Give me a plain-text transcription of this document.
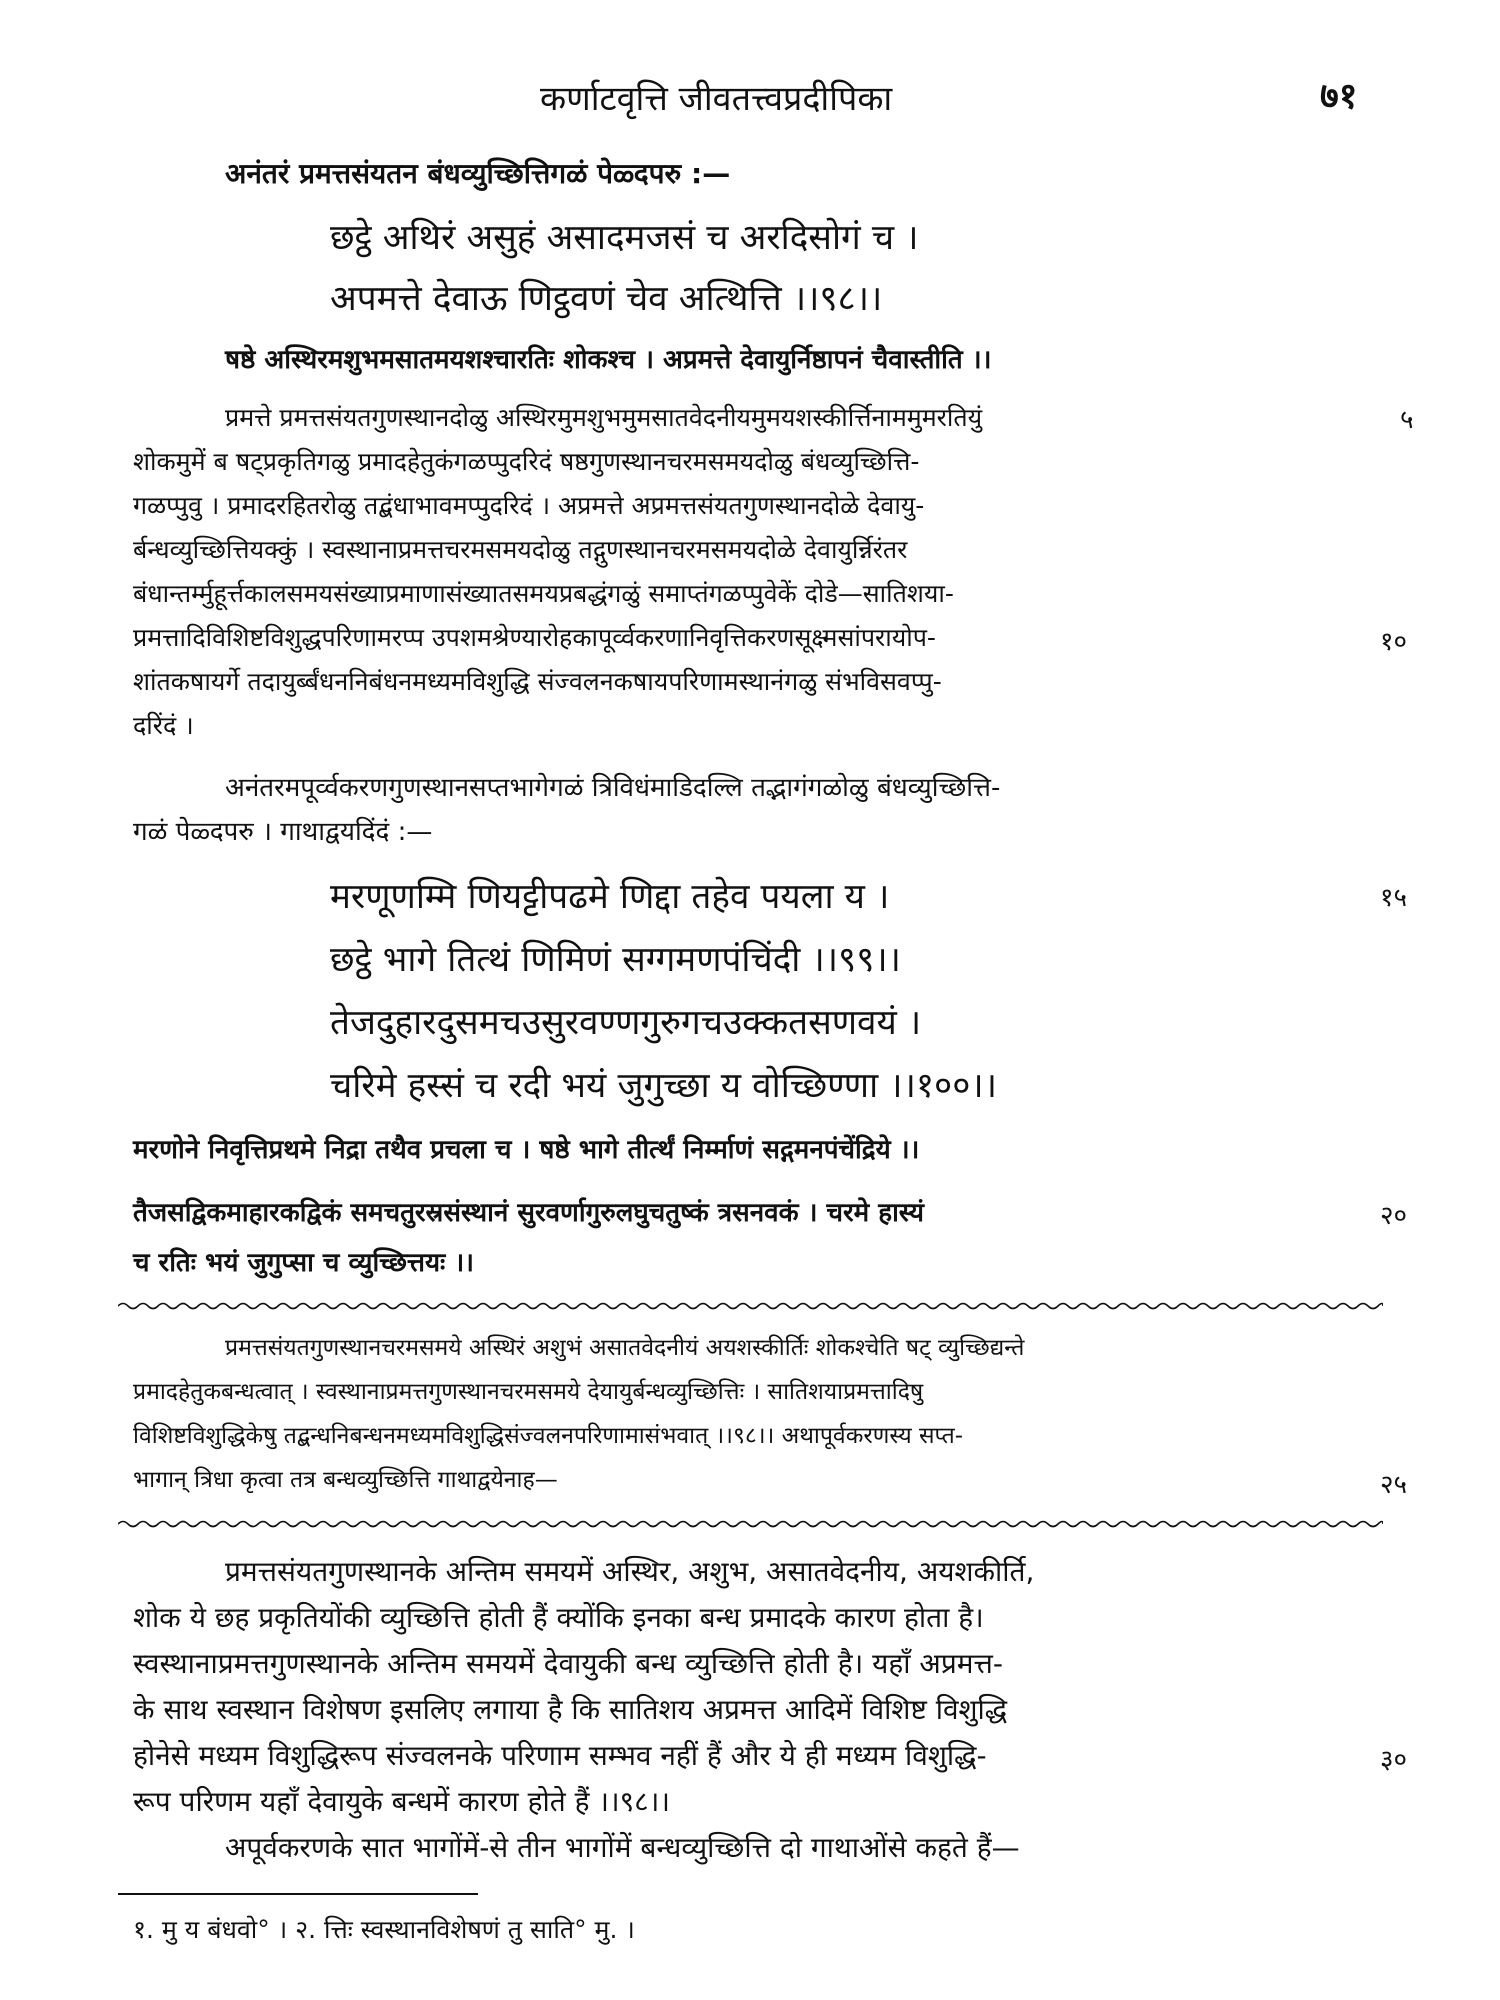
कर्णाटवृत्ति जीवतत्त्वप्रदीपिका	७१
अनंतरं प्रमत्तसंयतन बंधव्युच्छित्तिगळं पेळ्दपरु :—
छट्ठे अथिरं असुहं असादमजसं च अरदिसोगं च ।
अपमत्ते देवाऊ णिट्ठवणं चेव अत्थित्ति ।।९८।।
षष्ठे अस्थिरमशुभमसातमयशश्चारतिः शोकश्च । अप्रमत्ते देवायुर्निष्ठापनं चैवास्तीति ।।
प्रमत्ते प्रमत्तसंयतगुणस्थानदोळु अस्थिरमुमशुभमुमसातवेदनीयमुमयशस्कीर्त्तिनाममुमरतियुं
शोकमुमें ब षट्प्रकृतिगळु प्रमादहेतुकंगळप्पुदरिदं षष्ठगुणस्थानचरमसमयदोळु बंधव्युच्छित्ति-
गळप्पुवु । प्रमादरहितरोळु तद्बंधाभावमप्पुदरिदं । अप्रमत्ते अप्रमत्तसंयतगुणस्थानदोळे देवायु-
र्बन्धव्युच्छित्तियक्कुं । स्वस्थानाप्रमत्तचरमसमयदोळु तद्गुणस्थानचरमसमयदोळे देवायुर्न्निरंतर
बंधान्तर्म्मुहूर्त्तकालसमयसंख्याप्रमाणासंख्यातसमयप्रबद्धंगळुं समाप्तंगळप्पुवेकें दोडे—सातिशया-
प्रमत्तादिविशिष्टविशुद्धपरिणामरप्प उपशमश्रेण्यारोहकापूर्व्वकरणानिवृत्तिकरणसूक्ष्मसांपरायोप-
शांतकषायर्गे तदायुर्ब्बंधननिबंधनमध्यमविशुद्धि संज्वलनकषायपरिणामस्थानंगळु संभविसवप्पु-
दरिंदं ।
अनंतरमपूर्व्वकरणगुणस्थानसप्तभागेगळं त्रिविधंमाडिदल्लि तद्भागंगळोळु बंधव्युच्छित्ति-
गळं पेळ्दपरु । गाथाद्वयदिंदं :—
मरणूणम्मि णियट्टीपढमे णिद्दा तहेव पयला य ।
छट्ठे भागे तित्थं णिमिणं सग्गमणपंचिंदी ।।९९।।
तेजदुहारदुसमचउसुरवण्णगुरुगचउक्कतसणवयं ।
चरिमे हस्सं च रदी भयं जुगुच्छा य वोच्छिण्णा ।।१००।।
मरणोने निवृत्तिप्रथमे निद्रा तथैव प्रचला च । षष्ठे भागे तीर्त्थं निर्म्माणं सद्गमनपंचेंद्रिये ।।
तैजसद्विकमाहारकद्विकं समचतुरस्रसंस्थानं सुरवर्णागुरुलघुचतुष्कं त्रसनवकं । चरमे हास्यं
च रतिः भयं जुगुप्सा च व्युच्छित्तयः ।।
प्रमत्तसंयतगुणस्थानचरमसमये अस्थिरं अशुभं असातवेदनीयं अयशस्कीर्तिः शोकश्चेति षट् व्युच्छिद्यन्ते
प्रमादहेतुकबन्धत्वात् । स्वस्थानाप्रमत्तगुणस्थानचरमसमये देयायुर्बन्धव्युच्छित्तिः । सातिशयाप्रमत्तादिषु
विशिष्टविशुद्धिकेषु तद्बन्धनिबन्धनमध्यमविशुद्धिसंज्वलनपरिणामासंभवात् ।।९८।। अथापूर्वकरणस्य सप्त-
भागान् त्रिधा कृत्वा तत्र बन्धव्युच्छित्ति गाथाद्वयेनाह—
प्रमत्तसंयतगुणस्थानके अन्तिम समयमें अस्थिर, अशुभ, असातवेदनीय, अयशकीर्ति,
शोक ये छह प्रकृतियोंकी व्युच्छित्ति होती हैं क्योंकि इनका बन्ध प्रमादके कारण होता है।
स्वस्थानाप्रमत्तगुणस्थानके अन्तिम समयमें देवायुकी बन्ध व्युच्छित्ति होती है। यहाँ अप्रमत्त-
के साथ स्वस्थान विशेषण इसलिए लगाया है कि सातिशय अप्रमत्त आदिमें विशिष्ट विशुद्धि
होनेसे मध्यम विशुद्धिरूप संज्वलनके परिणाम सम्भव नहीं हैं और ये ही मध्यम विशुद्धि-
रूप परिणम यहाँ देवायुके बन्धमें कारण होते हैं ।।९८।।
अपूर्वकरणके सात भागोंमें-से तीन भागोंमें बन्धव्युच्छित्ति दो गाथाओंसे कहते हैं—
१. मु य बंधवो° । २. त्तिः स्वस्थानविशेषणं तु साति° मु. ।
५
१०
१५
२०
२५
३०
